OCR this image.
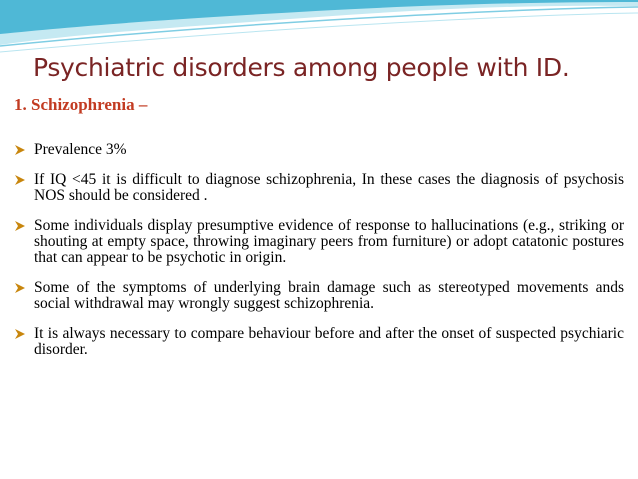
Psychiatric disorders among people with ID.
1. Schizophrenia –
Prevalence 3%
If IQ <45 it is difficult to diagnose schizophrenia, In these cases the diagnosis of psychosis NOS should be considered .
Some individuals display presumptive evidence of response to hallucinations (e.g., striking or shouting at empty space, throwing imaginary peers from furniture) or adopt catatonic postures that can appear to be psychotic in origin.
Some of the symptoms of underlying brain damage such as stereotyped movements ands social withdrawal may wrongly suggest schizophrenia.
It is always necessary to compare behaviour before and after the onset of suspected psychiaric disorder.
